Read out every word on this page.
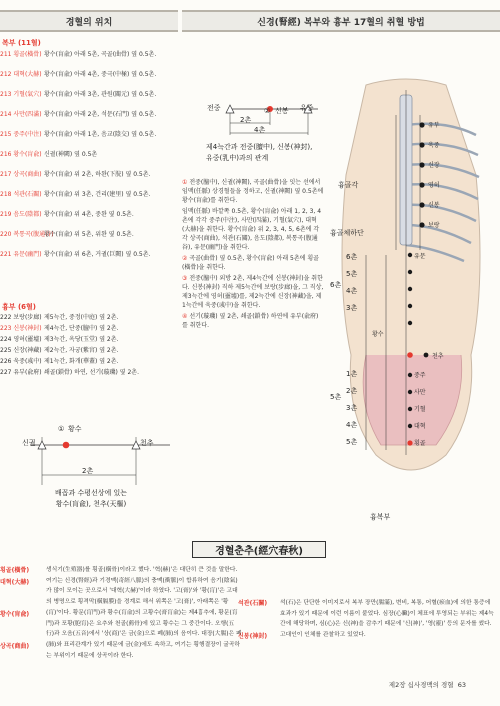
경혈의 위치	신경(腎經) 복부와 흉부 17혈의 취혈 방법
복부 (11혈)
211 횡골(橫骨) 황수(肓兪) 아래 5촌, 곡골(曲骨) 옆 0.5촌.
212 대혁(大赫) 황수(肓兪) 아래 4촌, 중극(中極) 옆 0.5촌.
213 기혈(氣穴) 황수(肓兪) 아래 3촌, 관원(關元) 옆 0.5촌.
214 사만(四滿) 황수(肓兪) 아래 2촌, 석문(石門) 옆 0.5촌.
215 중주(中注) 황수(肓兪) 아래 1촌, 음교(陰交) 옆 0.5촌.
216 황수(肓兪) 신궐(神闕) 옆 0.5촌
217 상곡(商曲) 황수(肓兪) 위 2촌, 하완(下脘) 옆 0.5촌.
218 석관(石關) 황수(肓兪) 위 3촌, 건리(建里) 옆 0.5촌.
219 음도(陰都) 황수(肓兪) 위 4촌, 중완 옆 0.5촌.
220 복통곡(腹通谷)
황수(肓兪) 위 5촌, 위완 옆 0.5촌.
221 유문(幽門) 황수(肓兪) 위 6촌, 거궐(巨闕) 옆 0.5촌.
흉부 (6혈)
222 보랑(步廊) 제5늑간, 중정(中庭) 옆 2촌.
223 신봉(神封) 제4늑간, 단중(膻中) 옆 2촌.
224 영허(靈墟) 제3늑간, 옥당(玉堂) 옆 2촌.
225 신장(神藏) 제2늑간, 자궁(紫宮) 옆 2촌.
226 욱중(彧中) 제1늑간, 화개(華蓋) 옆 2촌.
227 유부(兪府) 쇄골(鎖骨) 하연, 선기(璇璣) 옆 2촌.
신궐	천추
① 황수
2촌
배꼽과 수평선상에 있는
황수(肓兪), 천추(天樞)
전중	유중
② 신봉
2촌
4촌
제4늑간과 전중(膻中), 신봉(神封),
유중(乳中)과의 관계

① 전중(膻中), 신궐(神闕), 곡골(曲骨)을 잇는 선에서 임맥(任脈) 상경혈들을 정하고, 신궐(神闕) 옆 0.5촌에 황수(肓兪)를 취한다.

임맥(任脈) 바깥쪽 0.5촌, 황수(肓兪) 아래 1, 2, 3, 4촌에 각각 중주(中注), 사만(四滿), 기혈(氣穴), 대혁(大赫)을 취한다. 황수(肓兪) 위 2, 3, 4, 5, 6촌에 각각 상곡(商曲), 석관(石關), 음도(陰都), 복통곡(腹通谷), 유문(幽門)을 취한다.

② 곡골(曲骨) 옆 0.5촌, 황수(肓兪) 아래 5촌에 횡골(橫骨)을 취한다.

③ 전중(膻中) 외방 2촌, 제4늑간에 신봉(神封)을 취한다. 신봉(神封) 직하 제5늑간에 보랑(步廊)을, 그 직상, 제3늑간에 영허(靈墟)를, 제2늑간에 신장(神藏)을, 제1늑간에 욱중(彧中)을 취한다.

④ 선기(璇璣) 옆 2촌, 쇄골(鎖骨) 하연에 유부(兪府)를 취한다.

흉골각
흉골체하단
6촌
5촌
4촌
3촌
1촌
2촌
3촌
4촌
5촌
6촌
5촌
유부
욱중
신장
영허
신봉
보랑
유문
황수
천추
중주
사만
기혈
대혁
횡골
흉복부
경혈춘추(經穴春秋)
횡골(橫骨)
대혁(大赫)
황수(肓兪)
생식기(生殖器)를 횡골(橫骨)이라고 했다. '혁(赫)'은 대단히 큰 것을 말한다. 여기는 신경(腎經)과 기경맥(奇經八脈)의 충맥(衝脈)이 합류하여 음기(陰氣)가 많이 모이는 곳으로서 '대혁(大赫)'이라 하였다. '고(膏)'와 '황(肓)'은 고대의 병명으로 횡격막(橫膈膜)을 경계로 해서 위쪽은 '고(膏)', 아래쪽은 '황(肓)'이다. 황문(肓門)과 황수(肓兪)의 고황수(膏肓兪)는 제4흉추에, 황문(肓門)과 포황(胞肓)은 요추와 천골(薦骨)에 있고 황수는 그 중간이다. 오행(五行)과 오음(五音)에서 '상(商)'은 금(金)으로 폐(肺)의 음이다. 대장(大腸)은 폐(肺)와 표리관계가 있기 때문에 금(金)에도 속하고, 여기는 횡행결장이 굴곡하는 부위이기 때문에 상곡이라 한다.
상곡(商曲)
석관(石關)
신봉(神封)
석(石)은 단단한 이미지로서 복부 장만(腸滿), 변비, 복통, 어혈(瘀血)에 의한 통증에 효과가 있기 때문에 이런 이름이 붙었다. 심장(心臟)이 체표에 투영되는 부위는 제4늑간에 해당하며, 심(心)은 신(神)을 감추기 때문에 '신(神)', '영(靈)' 등의 문자를 썼다. 고대인이 인체를 관찰하고 있었다.
제2장 십사경맥의 경혈 63
